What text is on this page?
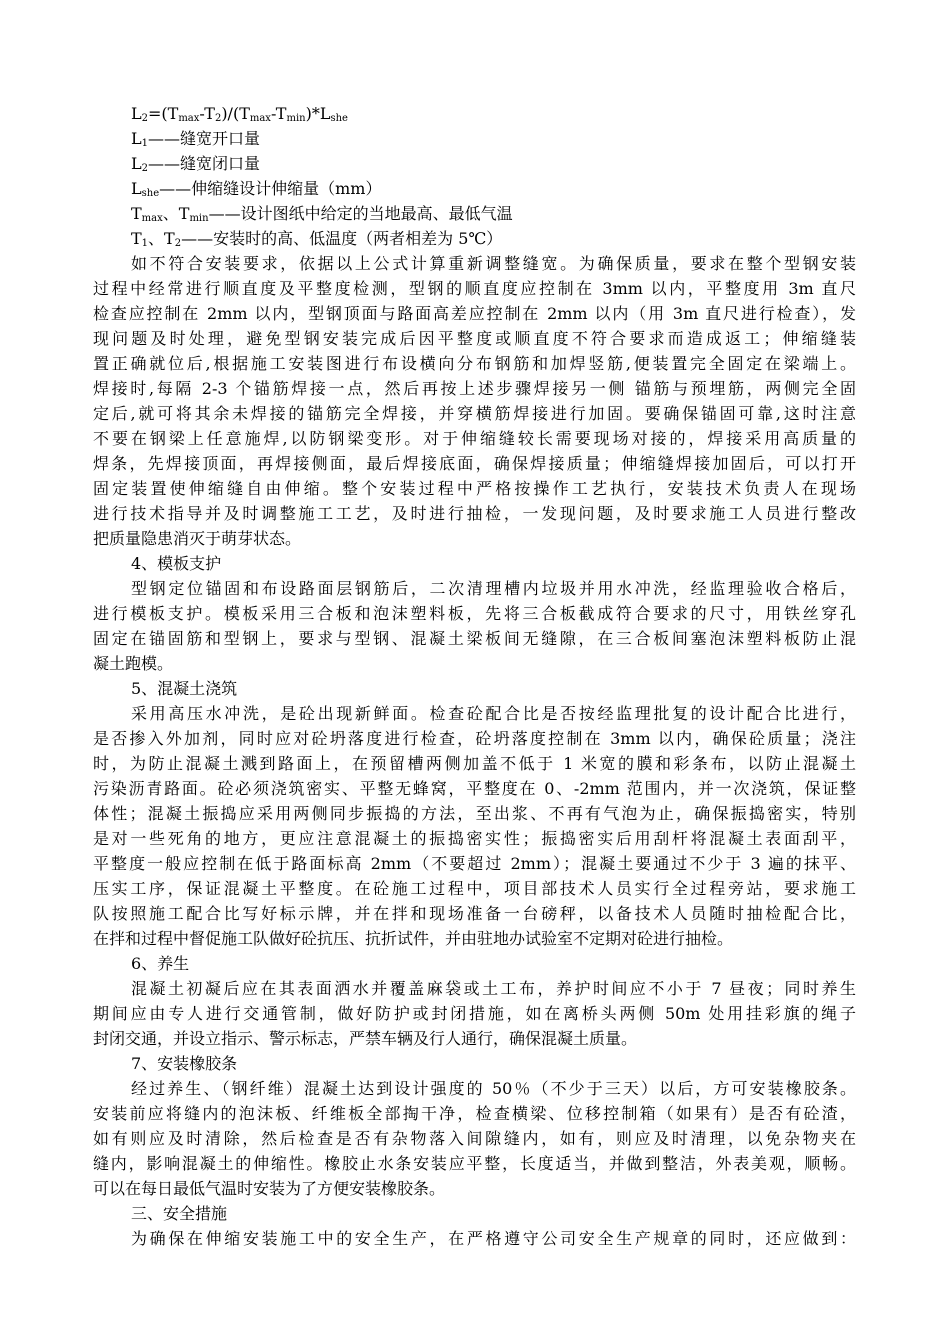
$L_2=(T_{max}-T_2)/(T_{max}-T_{min})*L_{she}$
$L_1——$缝宽开口量
$L_2——$缝宽闭口量
$L_{she}——$伸缩缝设计伸缩量（mm）
$T_{max}$、$T_{min}——$设计图纸中给定的当地最高、最低气温
$T_1$、$T_2——$安装时的高、低温度（两者相差为 5℃）
如不符合安装要求，依据以上公式计算重新调整缝宽。为确保质量，要求在整个型钢安装
过程中经常进行顺直度及平整度检测，型钢的顺直度应控制在 3mm 以内，平整度用 3m 直尺
检查应控制在 2mm 以内，型钢顶面与路面高差应控制在 2mm 以内（用 3m 直尺进行检查），发
现问题及时处理，避免型钢安装完成后因平整度或顺直度不符合要求而造成返工；伸缩缝装
置正确就位后,根据施工安装图进行布设横向分布钢筋和加焊竖筋,便装置完全固定在梁端上。
焊接时,每隔 2-3 个锚筋焊接一点，然后再按上述步骤焊接另一侧 锚筋与预埋筋，两侧完全固
定后,就可将其余未焊接的锚筋完全焊接，并穿横筋焊接进行加固。要确保锚固可靠,这时注意
不要在钢梁上任意施焊,以防钢梁变形。对于伸缩缝较长需要现场对接的，焊接采用高质量的
焊条，先焊接顶面，再焊接侧面，最后焊接底面，确保焊接质量；伸缩缝焊接加固后，可以打开
固定装置使伸缩缝自由伸缩。整个安装过程中严格按操作工艺执行，安装技术负责人在现场
进行技术指导并及时调整施工工艺，及时进行抽检，一发现问题，及时要求施工人员进行整改
把质量隐患消灭于萌芽状态。
4、模板支护
型钢定位锚固和布设路面层钢筋后，二次清理槽内垃圾并用水冲洗，经监理验收合格后，
进行模板支护。模板采用三合板和泡沫塑料板，先将三合板截成符合要求的尺寸，用铁丝穿孔
固定在锚固筋和型钢上，要求与型钢、混凝土梁板间无缝隙，在三合板间塞泡沫塑料板防止混
凝土跑模。
5、混凝土浇筑
采用高压水冲洗，是砼出现新鲜面。检查砼配合比是否按经监理批复的设计配合比进行，
是否掺入外加剂，同时应对砼坍落度进行检查，砼坍落度控制在 3mm 以内，确保砼质量；浇注
时，为防止混凝土溅到路面上，在预留槽两侧加盖不低于 1 米宽的膜和彩条布，以防止混凝土
污染沥青路面。砼必须浇筑密实、平整无蜂窝，平整度在 0、-2mm 范围内，并一次浇筑，保证整
体性；混凝土振捣应采用两侧同步振捣的方法，至出浆、不再有气泡为止，确保振捣密实，特别
是对一些死角的地方，更应注意混凝土的振捣密实性；振捣密实后用刮杆将混凝土表面刮平，
平整度一般应控制在低于路面标高 2mm（不要超过 2mm）；混凝土要通过不少于 3 遍的抹平、
压实工序，保证混凝土平整度。在砼施工过程中，项目部技术人员实行全过程旁站，要求施工
队按照施工配合比写好标示牌，并在拌和现场准备一台磅秤，以备技术人员随时抽检配合比，
在拌和过程中督促施工队做好砼抗压、抗折试件，并由驻地办试验室不定期对砼进行抽检。
6、养生
混凝土初凝后应在其表面洒水并覆盖麻袋或土工布，养护时间应不小于 7 昼夜；同时养生
期间应由专人进行交通管制，做好防护或封闭措施，如在离桥头两侧 50m 处用挂彩旗的绳子
封闭交通，并设立指示、警示标志，严禁车辆及行人通行，确保混凝土质量。
7、安装橡胶条
经过养生、（钢纤维）混凝土达到设计强度的 50％（不少于三天）以后，方可安装橡胶条。
安装前应将缝内的泡沫板、纤维板全部掏干净，检查横梁、位移控制箱（如果有）是否有砼渣，
如有则应及时清除，然后检查是否有杂物落入间隙缝内，如有，则应及时清理，以免杂物夹在
缝内，影响混凝土的伸缩性。橡胶止水条安装应平整，长度适当，并做到整洁，外表美观，顺畅。
可以在每日最低气温时安装为了方便安装橡胶条。
三、安全措施
为确保在伸缩安装施工中的安全生产，在严格遵守公司安全生产规章的同时，还应做到：
